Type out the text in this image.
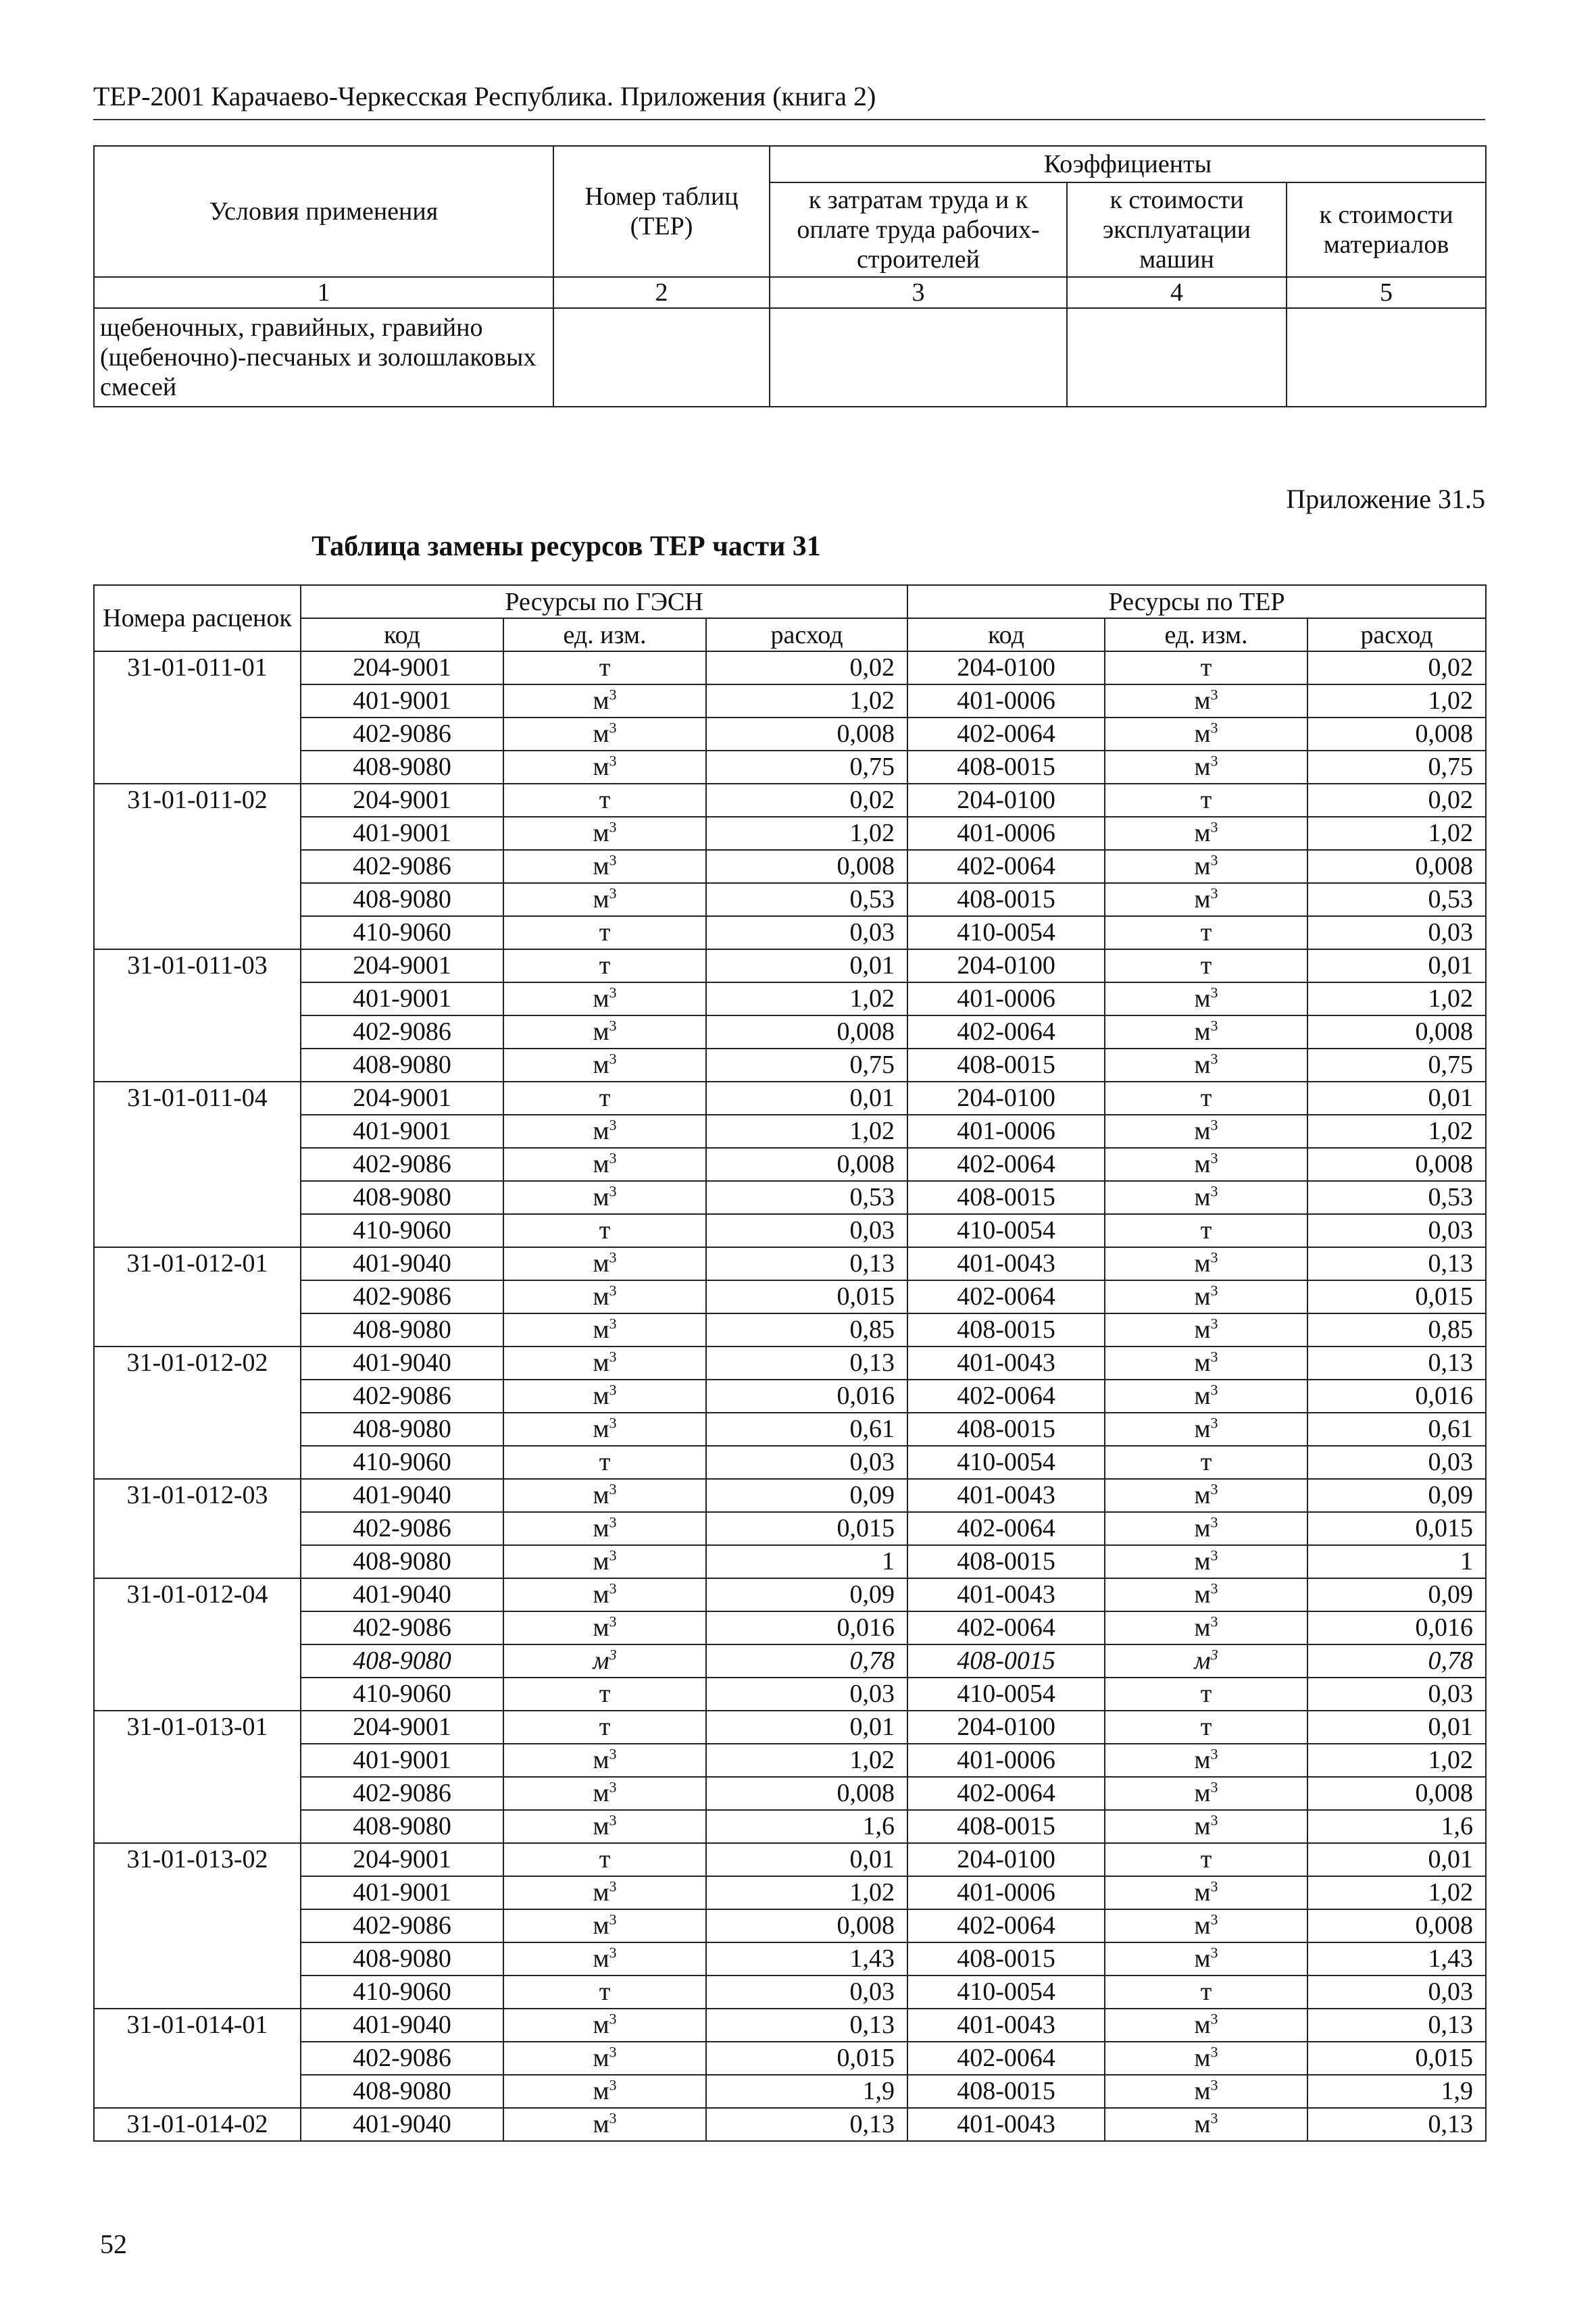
ТЕР-2001 Карачаево-Черкесская Республика. Приложения (книга 2)
Условия применения	Номер таблиц (ТЕР)	Коэффициенты		
		к затратам труда и к оплате труда рабочих-строителей	к стоимости эксплуатации машин	к стоимости материалов
1	2	3	4	5
щебеночных, гравийных, гравийно (щебеночно)-песчаных и золошлаковых смесей				
Приложение 31.5
Таблица замены ресурсов ТЕР части 31
Номера расценок	Ресурсы по ГЭСН			Ресурсы по ТЕР		
	код	ед. изм.	расход	код	ед. изм.	расход
31-01-011-01	204-9001	т	0,02	204-0100	т	0,02
	401-9001	$м^3$	1,02	401-0006	$м^3$	1,02
	402-9086	$м^3$	0,008	402-0064	$м^3$	0,008
	408-9080	$м^3$	0,75	408-0015	$м^3$	0,75
31-01-011-02	204-9001	т	0,02	204-0100	т	0,02
	401-9001	$м^3$	1,02	401-0006	$м^3$	1,02
	402-9086	$м^3$	0,008	402-0064	$м^3$	0,008
	408-9080	$м^3$	0,53	408-0015	$м^3$	0,53
	410-9060	т	0,03	410-0054	т	0,03
31-01-011-03	204-9001	т	0,01	204-0100	т	0,01
	401-9001	$м^3$	1,02	401-0006	$м^3$	1,02
	402-9086	$м^3$	0,008	402-0064	$м^3$	0,008
	408-9080	$м^3$	0,75	408-0015	$м^3$	0,75
31-01-011-04	204-9001	т	0,01	204-0100	т	0,01
	401-9001	$м^3$	1,02	401-0006	$м^3$	1,02
	402-9086	$м^3$	0,008	402-0064	$м^3$	0,008
	408-9080	$м^3$	0,53	408-0015	$м^3$	0,53
	410-9060	т	0,03	410-0054	т	0,03
31-01-012-01	401-9040	$м^3$	0,13	401-0043	$м^3$	0,13
	402-9086	$м^3$	0,015	402-0064	$м^3$	0,015
	408-9080	$м^3$	0,85	408-0015	$м^3$	0,85
31-01-012-02	401-9040	$м^3$	0,13	401-0043	$м^3$	0,13
	402-9086	$м^3$	0,016	402-0064	$м^3$	0,016
	408-9080	$м^3$	0,61	408-0015	$м^3$	0,61
	410-9060	т	0,03	410-0054	т	0,03
31-01-012-03	401-9040	$м^3$	0,09	401-0043	$м^3$	0,09
	402-9086	$м^3$	0,015	402-0064	$м^3$	0,015
	408-9080	$м^3$	1	408-0015	$м^3$	1
31-01-012-04	401-9040	$м^3$	0,09	401-0043	$м^3$	0,09
	402-9086	$м^3$	0,016	402-0064	$м^3$	0,016
	408-9080	$м^3$	0,78	408-0015	$м^3$	0,78
	410-9060	т	0,03	410-0054	т	0,03
31-01-013-01	204-9001	т	0,01	204-0100	т	0,01
	401-9001	$м^3$	1,02	401-0006	$м^3$	1,02
	402-9086	$м^3$	0,008	402-0064	$м^3$	0,008
	408-9080	$м^3$	1,6	408-0015	$м^3$	1,6
31-01-013-02	204-9001	т	0,01	204-0100	т	0,01
	401-9001	$м^3$	1,02	401-0006	$м^3$	1,02
	402-9086	$м^3$	0,008	402-0064	$м^3$	0,008
	408-9080	$м^3$	1,43	408-0015	$м^3$	1,43
	410-9060	т	0,03	410-0054	т	0,03
31-01-014-01	401-9040	$м^3$	0,13	401-0043	$м^3$	0,13
	402-9086	$м^3$	0,015	402-0064	$м^3$	0,015
	408-9080	$м^3$	1,9	408-0015	$м^3$	1,9
31-01-014-02	401-9040	$м^3$	0,13	401-0043	$м^3$	0,13
52
